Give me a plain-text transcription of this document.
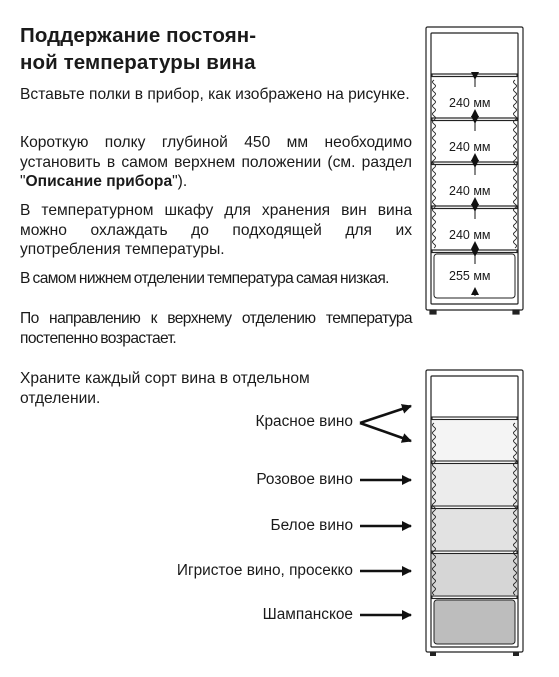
Поддержание постоян-
ной температуры вина
Вставьте полки в прибор, как изображено на рисунке.
Короткую полку глубиной 450 мм необходимо установить в самом верхнем положении (см. раздел "Описание прибора").
В температурном шкафу для хранения вин вина можно охлаждать до подходящей для их употребления температуры.
В самом нижнем отделении температура самая низкая.
По направлению к верхнему отделению температура постепенно возрастает.
Храните каждый сорт вина в отдельном отделении.
Красное вино
Розовое вино
Белое вино
Игристое вино, просекко
Шампанское
240 мм
240 мм
240 мм
240 мм
255 мм
